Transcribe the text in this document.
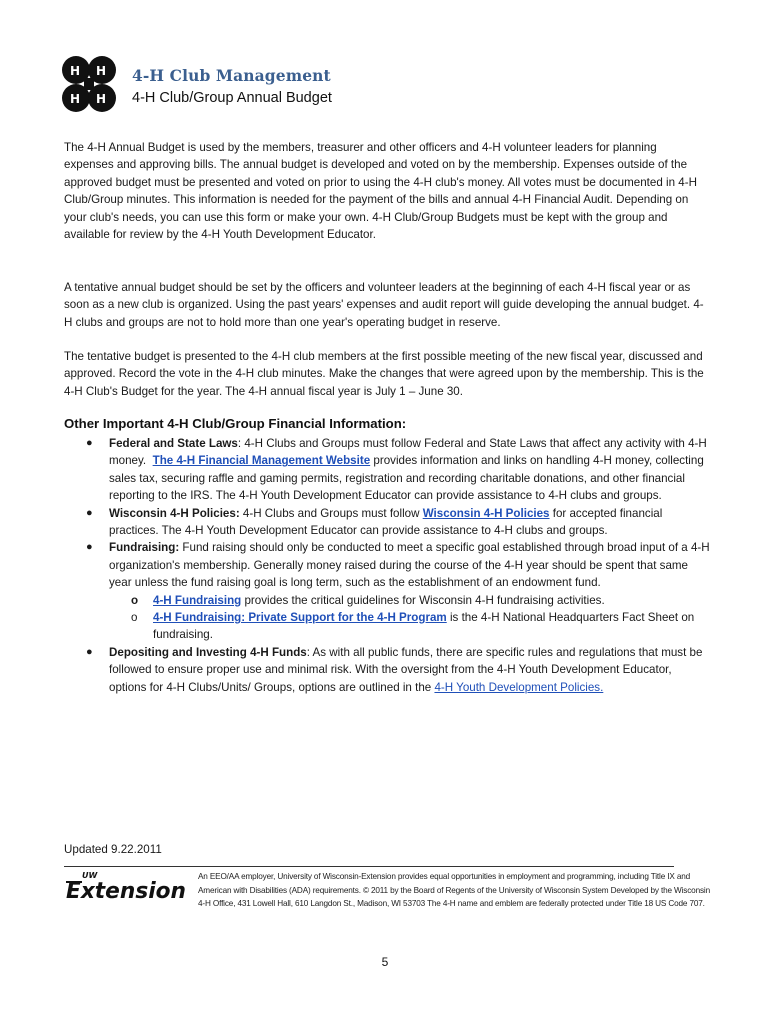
H H
H H
4-H Club Management
4-H Club/Group Annual Budget

The 4-H Annual Budget is used by the members, treasurer and other officers and 4-H volunteer leaders for planning expenses and approving bills. The annual budget is developed and voted on by the membership. Expenses outside of the approved budget must be presented and voted on prior to using the 4-H club's money. All votes must be documented in 4-H Club/Group minutes. This information is needed for the payment of the bills and annual 4-H Financial Audit. Depending on your club's needs, you can use this form or make your own. 4-H Club/Group Budgets must be kept with the group and available for review by the 4-H Youth Development Educator.

A tentative annual budget should be set by the officers and volunteer leaders at the beginning of each 4-H fiscal year or as soon as a new club is organized. Using the past years' expenses and audit report will guide developing the annual budget. 4-H clubs and groups are not to hold more than one year's operating budget in reserve.

The tentative budget is presented to the 4-H club members at the first possible meeting of the new fiscal year, discussed and approved. Record the vote in the 4-H club minutes. Make the changes that were agreed upon by the membership. This is the 4-H Club's Budget for the year. The 4-H annual fiscal year is July 1 – June 30.

Other Important 4-H Club/Group Financial Information:
● Federal and State Laws: 4-H Clubs and Groups must follow Federal and State Laws that affect any activity with 4-H money. The 4-H Financial Management Website provides information and links on handling 4-H money, collecting sales tax, securing raffle and gaming permits, registration and recording charitable donations, and other financial reporting to the IRS. The 4-H Youth Development Educator can provide assistance to 4-H clubs and groups.
● Wisconsin 4-H Policies: 4-H Clubs and Groups must follow Wisconsin 4-H Policies for accepted financial practices. The 4-H Youth Development Educator can provide assistance to 4-H clubs and groups.
● Fundraising: Fund raising should only be conducted to meet a specific goal established through broad input of a 4-H organization's membership. Generally money raised during the course of the 4-H year should be spent that same year unless the fund raising goal is long term, such as the establishment of an endowment fund.
o 4-H Fundraising provides the critical guidelines for Wisconsin 4-H fundraising activities.
o 4-H Fundraising: Private Support for the 4-H Program is the 4-H National Headquarters Fact Sheet on fundraising.
● Depositing and Investing 4-H Funds: As with all public funds, there are specific rules and regulations that must be followed to ensure proper use and minimal risk. With the oversight from the 4-H Youth Development Educator, options for 4-H Clubs/Units/ Groups, options are outlined in the 4-H Youth Development Policies.
Updated 9.22.2011
UW
Extension
An EEO/AA employer, University of Wisconsin-Extension provides equal opportunities in employment and programming, including Title IX and American with Disabilities (ADA) requirements. © 2011 by the Board of Regents of the University of Wisconsin System Developed by the Wisconsin 4-H Office, 431 Lowell Hall, 610 Langdon St., Madison, WI 53703 The 4-H name and emblem are federally protected under Title 18 US Code 707.
5
